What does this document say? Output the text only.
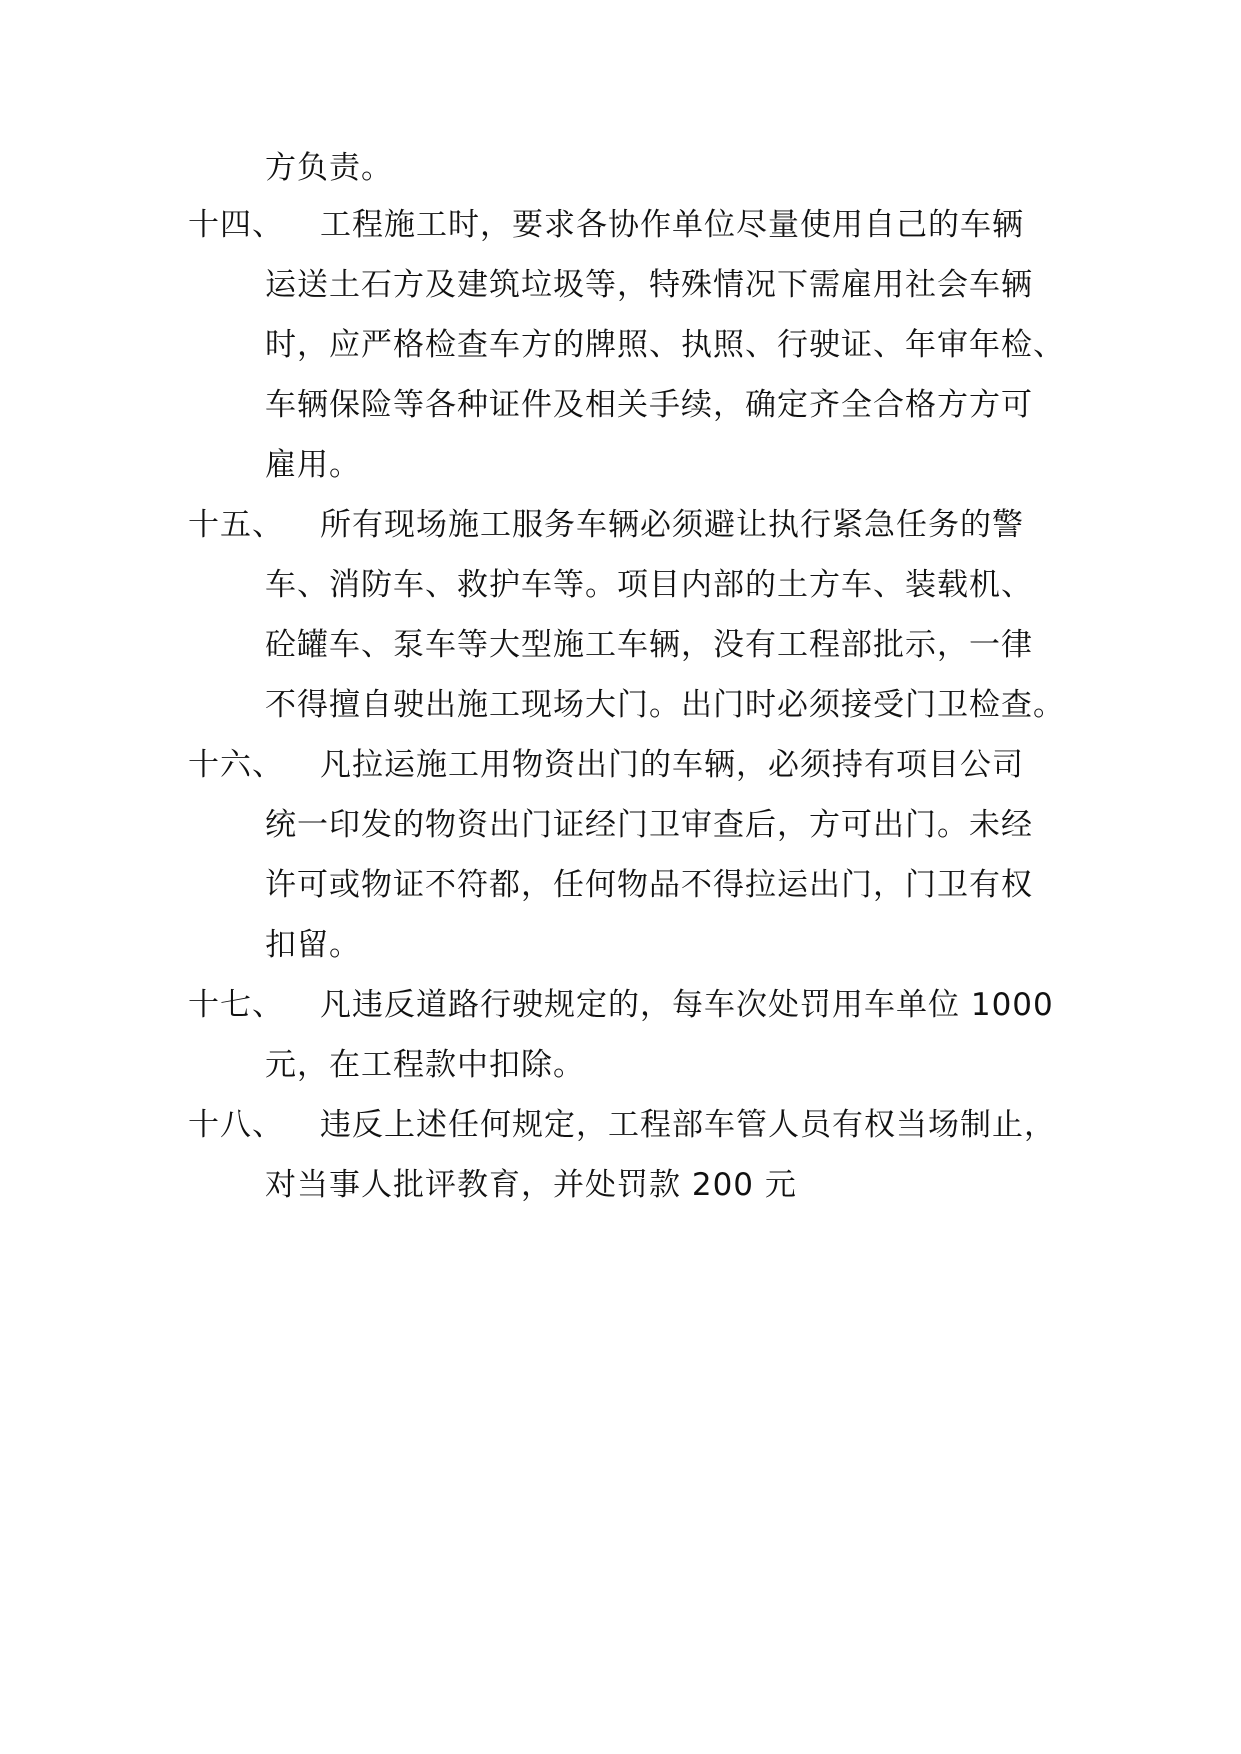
方负责。
十四、 工程施工时，要求各协作单位尽量使用自己的车辆
运送土石方及建筑垃圾等，特殊情况下需雇用社会车辆
时，应严格检查车方的牌照、执照、行驶证、年审年检、
车辆保险等各种证件及相关手续，确定齐全合格方方可
雇用。
十五、 所有现场施工服务车辆必须避让执行紧急任务的警
车、消防车、救护车等。项目内部的土方车、装载机、
砼罐车、泵车等大型施工车辆，没有工程部批示，一律
不得擅自驶出施工现场大门。出门时必须接受门卫检查。
十六、 凡拉运施工用物资出门的车辆，必须持有项目公司
统一印发的物资出门证经门卫审查后，方可出门。未经
许可或物证不符都，任何物品不得拉运出门，门卫有权
扣留。
十七、 凡违反道路行驶规定的，每车次处罚用车单位 1000
元，在工程款中扣除。
十八、 违反上述任何规定，工程部车管人员有权当场制止，
对当事人批评教育，并处罚款 200 元
